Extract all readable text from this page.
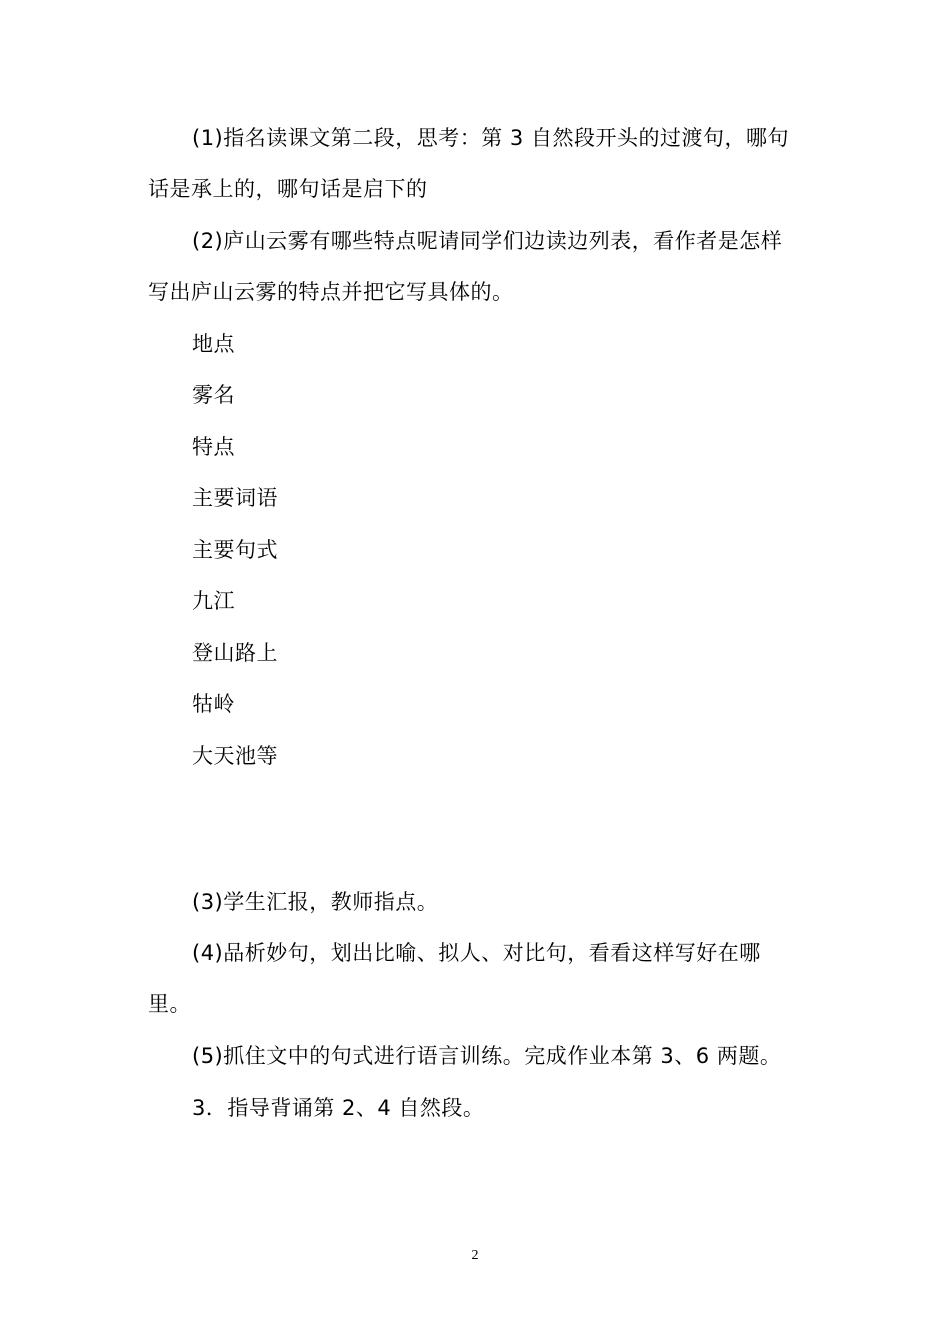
(1)指名读课文第二段，思考：第 3 自然段开头的过渡句，哪句
话是承上的，哪句话是启下的
(2)庐山云雾有哪些特点呢请同学们边读边列表，看作者是怎样
写出庐山云雾的特点并把它写具体的。
地点
雾名
特点
主要词语
主要句式
九江
登山路上
牯岭
大天池等
(3)学生汇报，教师指点。
(4)品析妙句，划出比喻、拟人、对比句，看看这样写好在哪
里。
(5)抓住文中的句式进行语言训练。完成作业本第 3、6 两题。
3．指导背诵第 2、4 自然段。
2
